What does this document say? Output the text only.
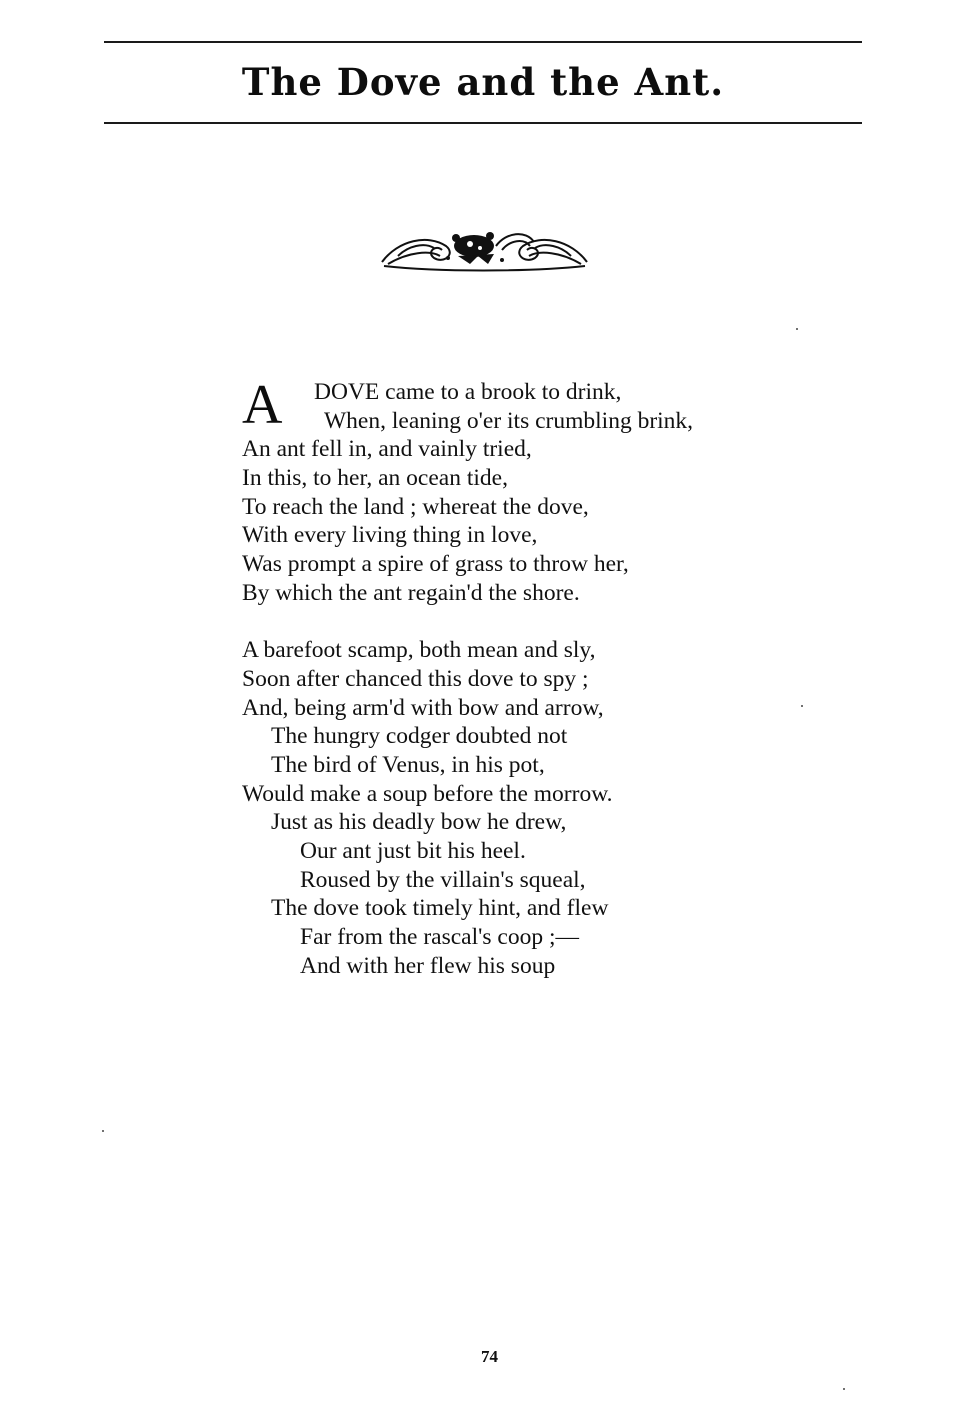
The Dove and the Ant.
A DOVE came to a brook to drink,
When, leaning o'er its crumbling brink,
An ant fell in, and vainly tried,
In this, to her, an ocean tide,
To reach the land ; whereat the dove,
With every living thing in love,
Was prompt a spire of grass to throw her,
By which the ant regain'd the shore.
A barefoot scamp, both mean and sly,
Soon after chanced this dove to spy ;
And, being arm'd with bow and arrow,
The hungry codger doubted not
The bird of Venus, in his pot,
Would make a soup before the morrow.
Just as his deadly bow he drew,
Our ant just bit his heel.
Roused by the villain's squeal,
The dove took timely hint, and flew
Far from the rascal's coop ;—
And with her flew his soup
74
